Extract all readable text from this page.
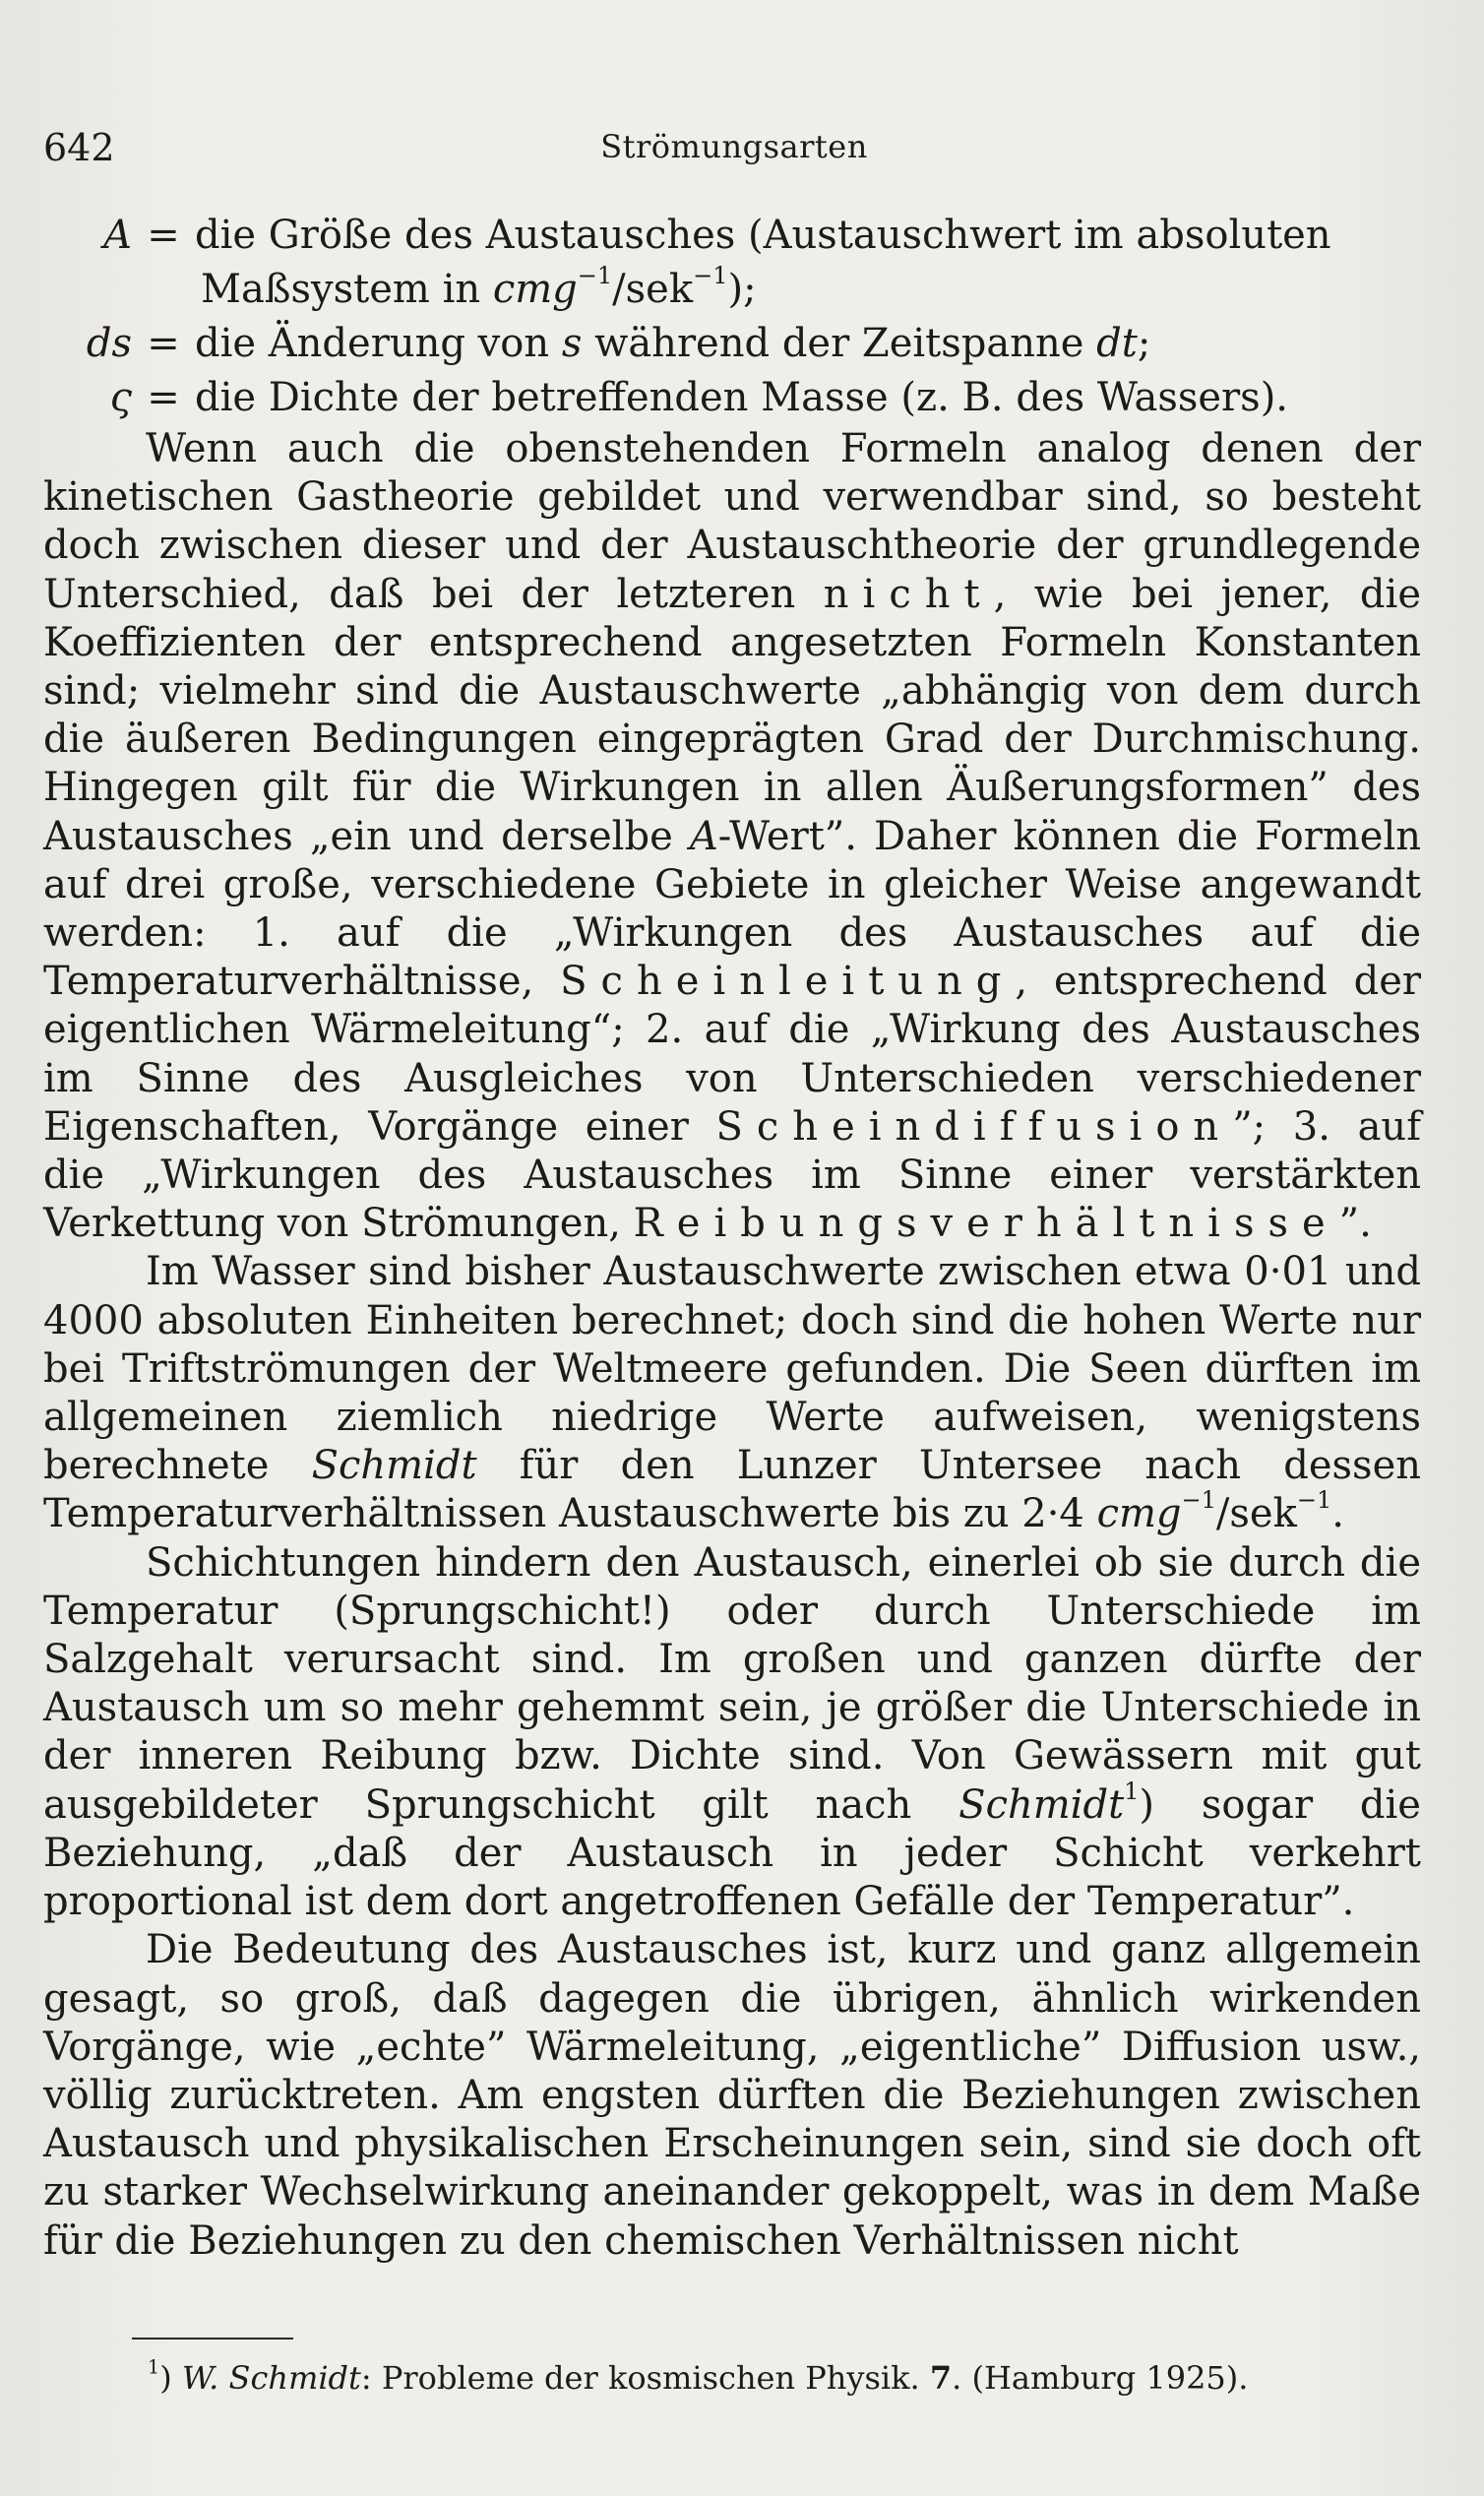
642	Strömungsarten
A = die Größe des Austausches (Austauschwert im absoluten
Maßsystem in cmg$^{-1}$/sek$^{-1}$);
ds = die Änderung von s während der Zeitspanne dt;
ς = die Dichte der betreffenden Masse (z. B. des Wassers).

Wenn auch die obenstehenden Formeln analog denen der kinetischen Gastheorie gebildet und verwendbar sind, so besteht doch zwischen dieser und der Austauschtheorie der grundlegende Unterschied, daß bei der letzteren nicht, wie bei jener, die Koeffizienten der entsprechend angesetzten Formeln Konstanten sind; vielmehr sind die Austauschwerte „abhängig von dem durch die äußeren Bedingungen eingeprägten Grad der Durchmischung. Hingegen gilt für die Wirkungen in allen Äußerungsformen” des Austausches „ein und derselbe A-Wert”. Daher können die Formeln auf drei große, verschiedene Gebiete in gleicher Weise angewandt werden: 1. auf die „Wirkungen des Austausches auf die Temperaturverhältnisse, Scheinleitung, entsprechend der eigentlichen Wärmeleitung“; 2. auf die „Wirkung des Austausches im Sinne des Ausgleiches von Unterschieden verschiedener Eigenschaften, Vorgänge einer Scheindiffusion”; 3. auf die „Wirkungen des Austausches im Sinne einer verstärkten Verkettung von Strömungen, Reibungsverhältnisse”.

Im Wasser sind bisher Austauschwerte zwischen etwa 0·01 und 4000 absoluten Einheiten berechnet; doch sind die hohen Werte nur bei Triftströmungen der Weltmeere gefunden. Die Seen dürften im allgemeinen ziemlich niedrige Werte aufweisen, wenigstens berechnete Schmidt für den Lunzer Untersee nach dessen Temperaturverhältnissen Austauschwerte bis zu 2·4 cmg$^{-1}$/sek$^{-1}$.

Schichtungen hindern den Austausch, einerlei ob sie durch die Temperatur (Sprungschicht!) oder durch Unterschiede im Salzgehalt verursacht sind. Im großen und ganzen dürfte der Austausch um so mehr gehemmt sein, je größer die Unterschiede in der inneren Reibung bzw. Dichte sind. Von Gewässern mit gut ausgebildeter Sprungschicht gilt nach Schmidt$^1$) sogar die Beziehung, „daß der Austausch in jeder Schicht verkehrt proportional ist dem dort angetroffenen Gefälle der Temperatur”.

Die Bedeutung des Austausches ist, kurz und ganz allgemein gesagt, so groß, daß dagegen die übrigen, ähnlich wirkenden Vorgänge, wie „echte” Wärmeleitung, „eigentliche” Diffusion usw., völlig zurücktreten. Am engsten dürften die Beziehungen zwischen Austausch und physikalischen Erscheinungen sein, sind sie doch oft zu starker Wechselwirkung aneinander gekoppelt, was in dem Maße für die Beziehungen zu den chemischen Verhältnissen nicht

$^1$) W. Schmidt: Probleme der kosmischen Physik. 7. (Hamburg 1925).
